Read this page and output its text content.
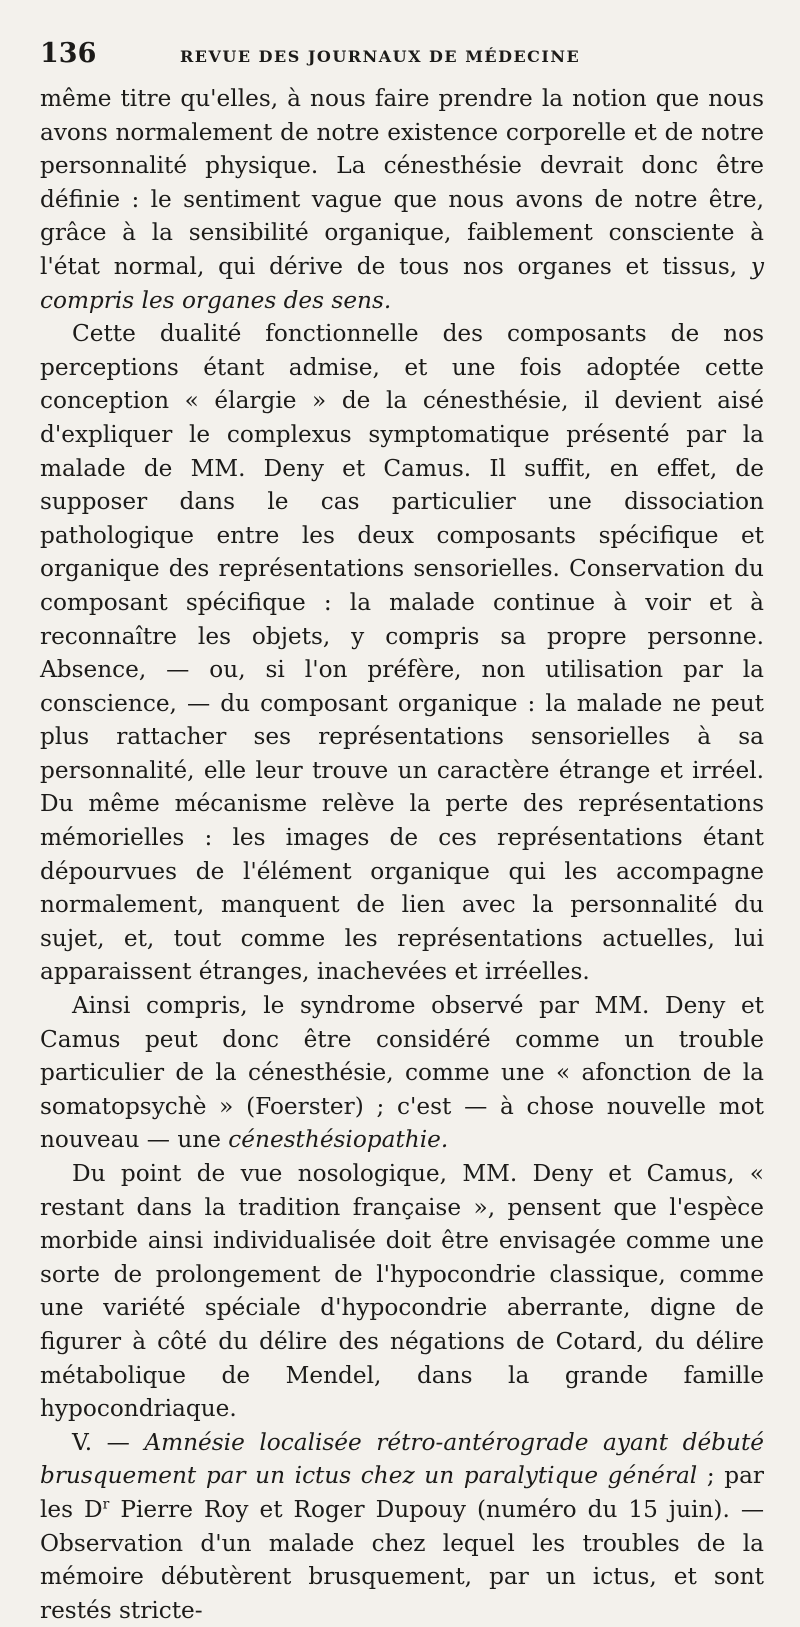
136	REVUE DES JOURNAUX DE MÉDECINE

même titre qu'elles, à nous faire prendre la notion que nous avons normalement de notre existence corporelle et de notre personnalité physique. La cénesthésie devrait donc être définie : le sentiment vague que nous avons de notre être, grâce à la sensibilité organique, faiblement consciente à l'état normal, qui dérive de tous nos organes et tissus, y compris les organes des sens.

Cette dualité fonctionnelle des composants de nos perceptions étant admise, et une fois adoptée cette conception « élargie » de la cénesthésie, il devient aisé d'expliquer le complexus symptomatique présenté par la malade de MM. Deny et Camus. Il suffit, en effet, de supposer dans le cas particulier une dissociation pathologique entre les deux composants spécifique et organique des représentations sensorielles. Conservation du composant spécifique : la malade continue à voir et à reconnaître les objets, y compris sa propre personne. Absence, — ou, si l'on préfère, non utilisation par la conscience, — du composant organique : la malade ne peut plus rattacher ses représentations sensorielles à sa personnalité, elle leur trouve un caractère étrange et irréel. Du même mécanisme relève la perte des représentations mémorielles : les images de ces représentations étant dépourvues de l'élément organique qui les accompagne normalement, manquent de lien avec la personnalité du sujet, et, tout comme les représentations actuelles, lui apparaissent étranges, inachevées et irréelles.

Ainsi compris, le syndrome observé par MM. Deny et Camus peut donc être considéré comme un trouble particulier de la cénesthésie, comme une « afonction de la somatopsychè » (Foerster) ; c'est — à chose nouvelle mot nouveau — une cénesthésiopathie.

Du point de vue nosologique, MM. Deny et Camus, « restant dans la tradition française », pensent que l'espèce morbide ainsi individualisée doit être envisagée comme une sorte de prolongement de l'hypocondrie classique, comme une variété spéciale d'hypocondrie aberrante, digne de figurer à côté du délire des négations de Cotard, du délire métabolique de Mendel, dans la grande famille hypocondriaque.

V. — Amnésie localisée rétro-antérograde ayant débuté brusquement par un ictus chez un paralytique général ; par les $D^r$ Pierre Roy et Roger Dupouy (numéro du 15 juin). — Observation d'un malade chez lequel les troubles de la mémoire débutèrent brusquement, par un ictus, et sont restés stricte-
